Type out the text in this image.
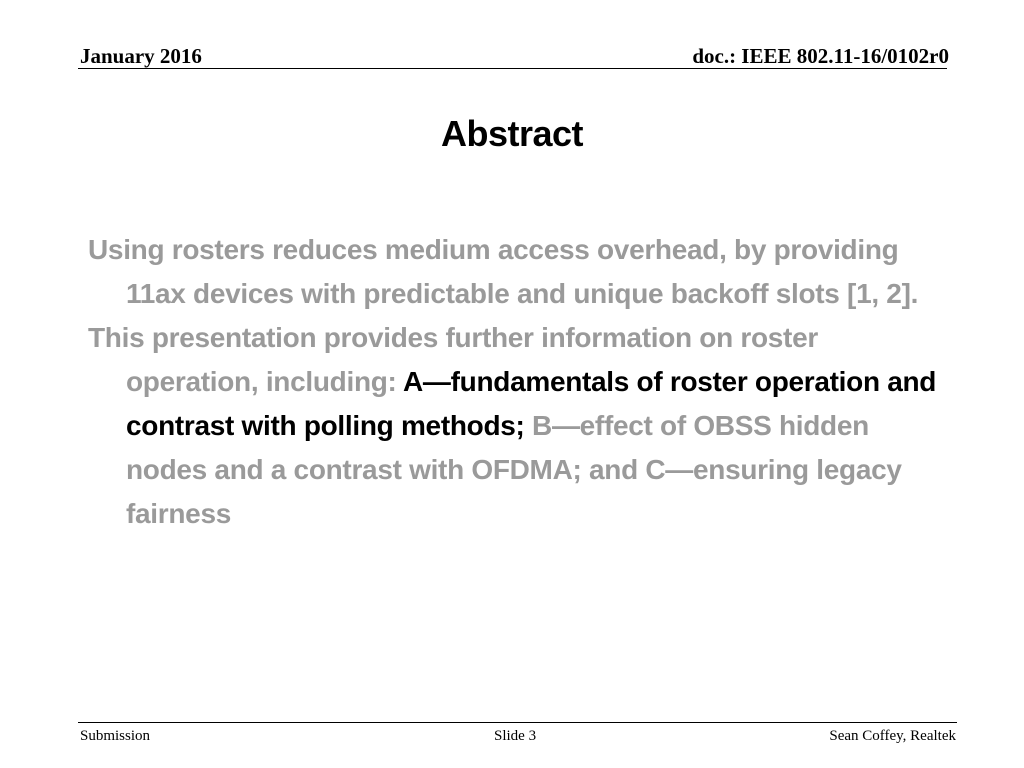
January 2016	doc.: IEEE 802.11-16/0102r0
Abstract

Using rosters reduces medium access overhead, by providing 11ax devices with predictable and unique backoff slots [1, 2].

This presentation provides further information on roster operation, including: A—fundamentals of roster operation and contrast with polling methods; B—effect of OBSS hidden nodes and a contrast with OFDMA; and C—ensuring legacy fairness

Submission	Slide 3	Sean Coffey, Realtek
